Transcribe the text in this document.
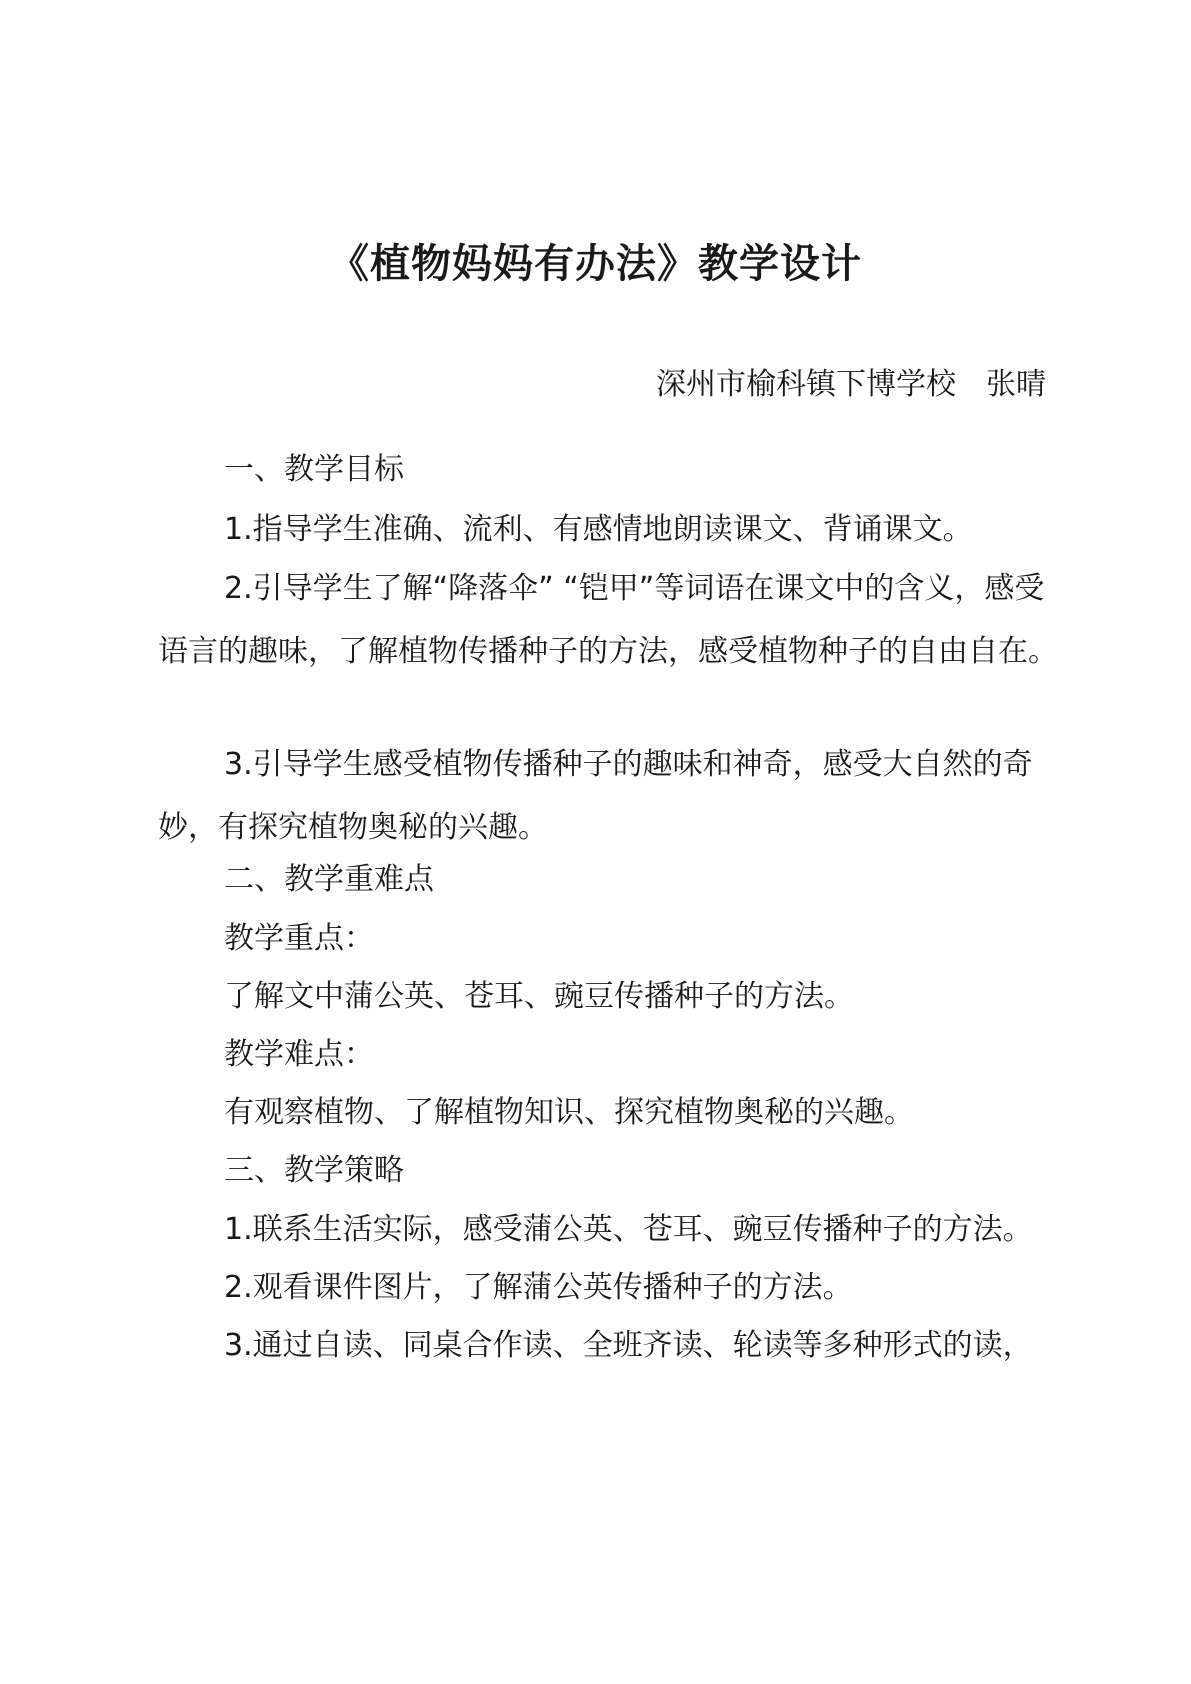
《植物妈妈有办法》教学设计
深州市榆科镇下博学校 张晴

一、教学目标

1.指导学生准确、流利、有感情地朗读课文、背诵课文。

2.引导学生了解“降落伞” “铠甲”等词语在课文中的含义，感受语言的趣味，了解植物传播种子的方法，感受植物种子的自由自在。

3.引导学生感受植物传播种子的趣味和神奇，感受大自然的奇妙，有探究植物奥秘的兴趣。

二、教学重难点

教学重点：

了解文中蒲公英、苍耳、豌豆传播种子的方法。

教学难点：

有观察植物、了解植物知识、探究植物奥秘的兴趣。

三、教学策略

1.联系生活实际，感受蒲公英、苍耳、豌豆传播种子的方法。

2.观看课件图片，了解蒲公英传播种子的方法。

3.通过自读、同桌合作读、全班齐读、轮读等多种形式的读，
